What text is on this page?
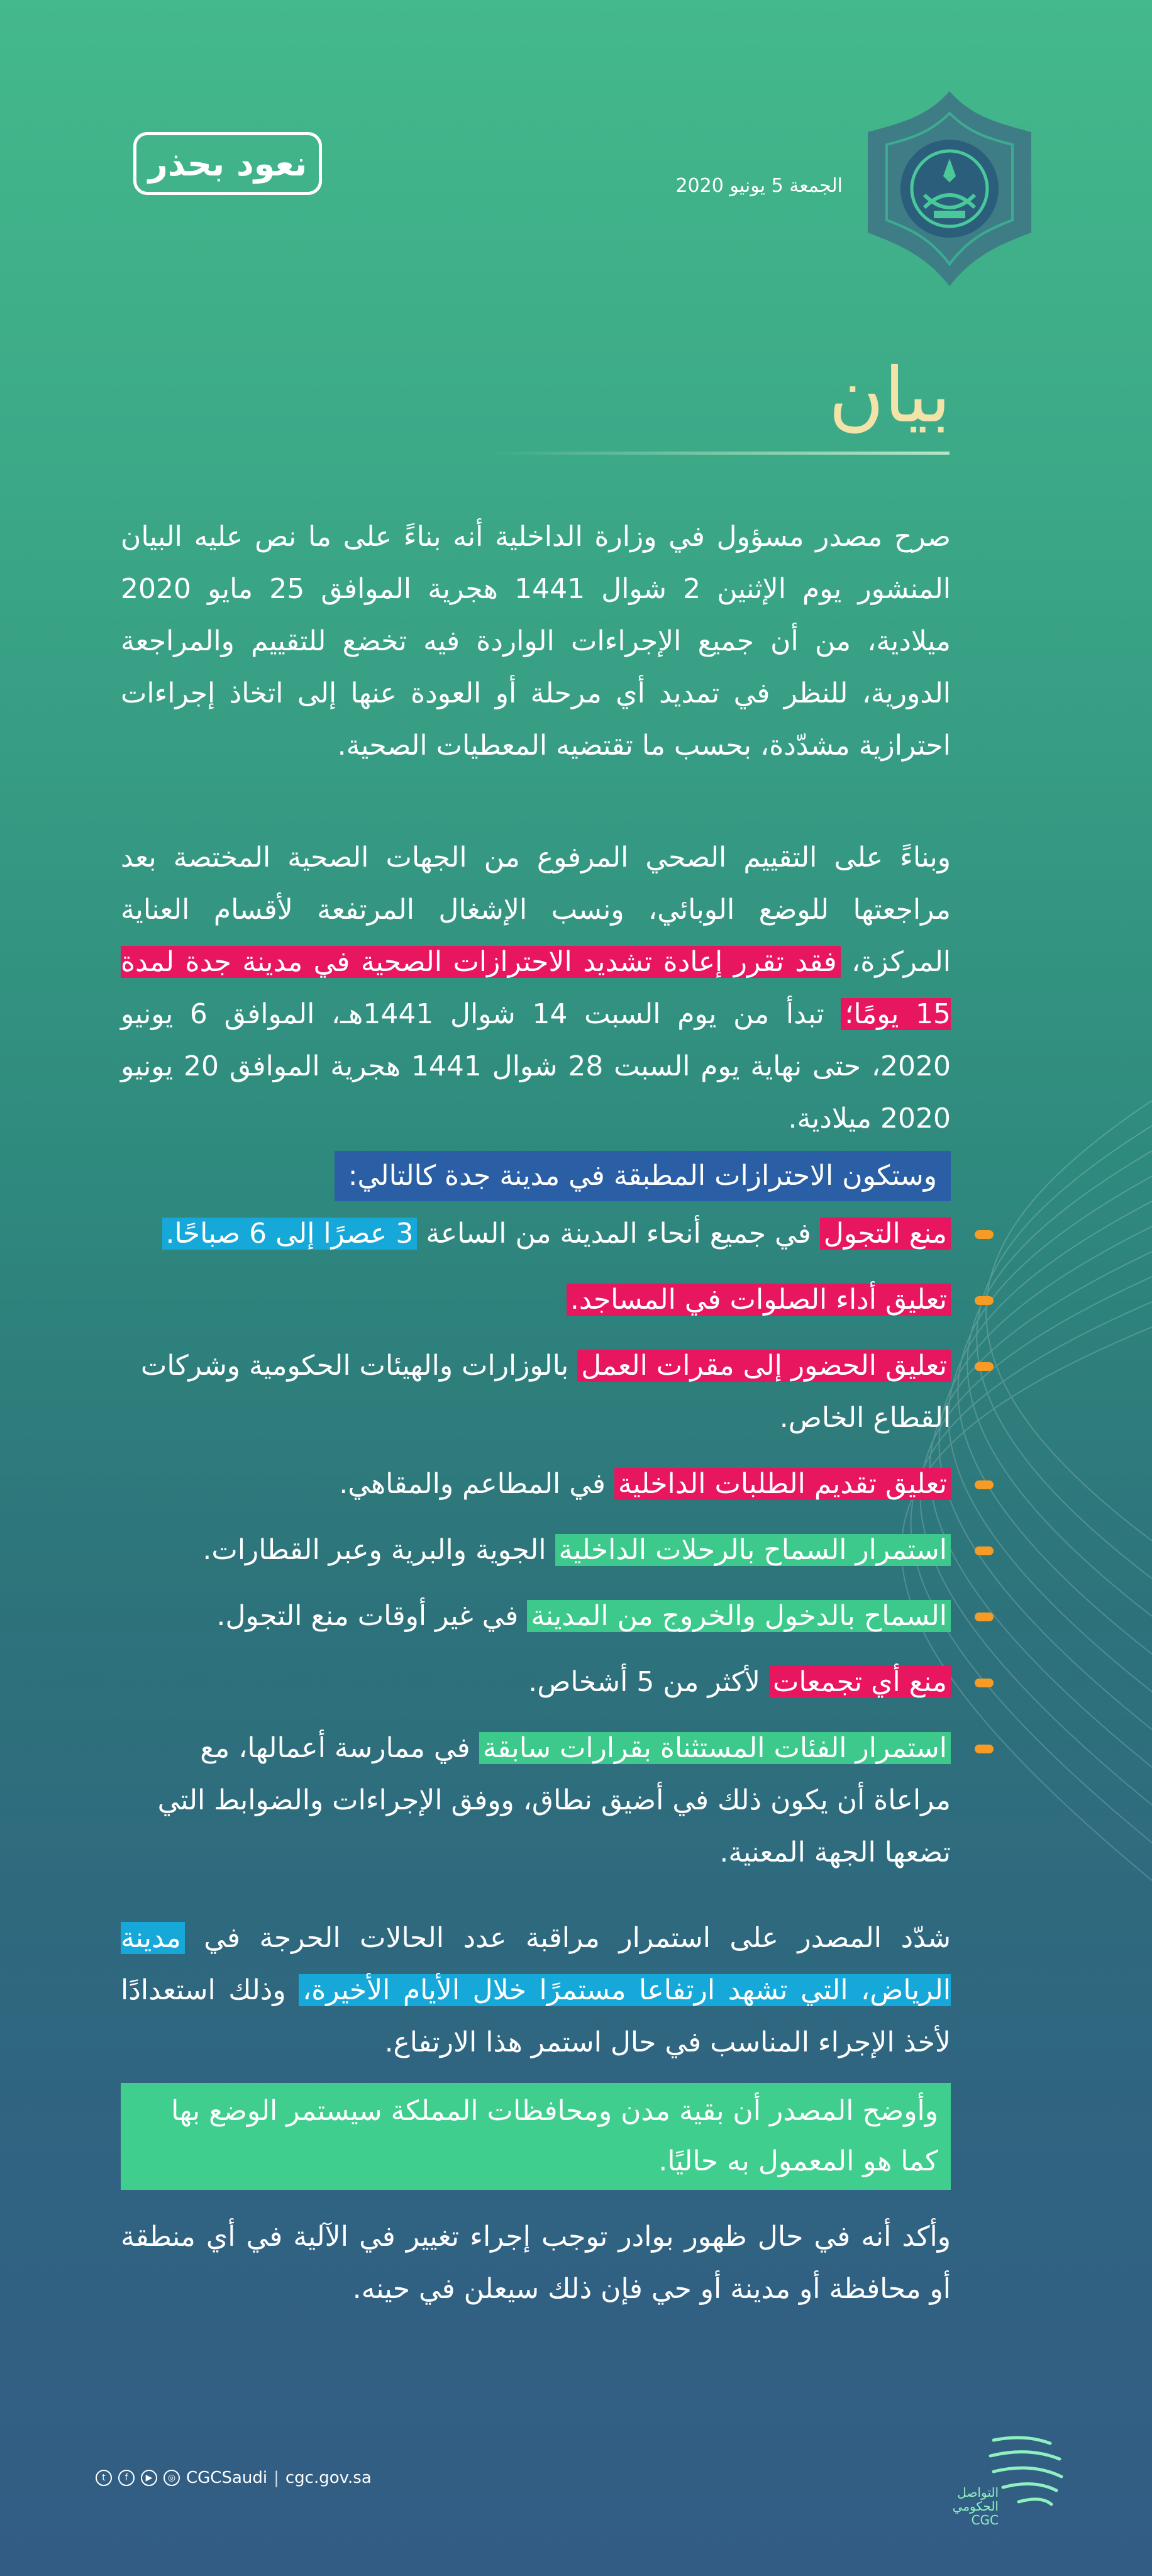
نعود بحذر
الجمعة 5 يونيو 2020
بيان
صرح مصدر مسؤول في وزارة الداخلية أنه بناءً على ما نص عليه البيان المنشور يوم الإثنين 2 شوال 1441 هجرية الموافق 25 مايو 2020 ميلادية، من أن جميع الإجراءات الواردة فيه تخضع للتقييم والمراجعة الدورية، للنظر في تمديد أي مرحلة أو العودة عنها إلى اتخاذ إجراءات احترازية مشدّدة، بحسب ما تقتضيه المعطيات الصحية.
وبناءً على التقييم الصحي المرفوع من الجهات الصحية المختصة بعد مراجعتها للوضع الوبائي، ونسب الإشغال المرتفعة لأقسام العناية المركزة، فقد تقرر إعادة تشديد الاحترازات الصحية في مدينة جدة لمدة 15 يومًا؛ تبدأ من يوم السبت 14 شوال 1441هـ، الموافق 6 يونيو 2020، حتى نهاية يوم السبت 28 شوال 1441 هجرية الموافق 20 يونيو 2020 ميلادية.
وستكون الاحترازات المطبقة في مدينة جدة كالتالي:
منع التجول في جميع أنحاء المدينة من الساعة 3 عصرًا إلى 6 صباحًا.
تعليق أداء الصلوات في المساجد.
تعليق الحضور إلى مقرات العمل بالوزارات والهيئات الحكومية وشركات القطاع الخاص.
تعليق تقديم الطلبات الداخلية في المطاعم والمقاهي.
استمرار السماح بالرحلات الداخلية الجوية والبرية وعبر القطارات.
السماح بالدخول والخروج من المدينة في غير أوقات منع التجول.
منع أي تجمعات لأكثر من 5 أشخاص.
استمرار الفئات المستثناة بقرارات سابقة في ممارسة أعمالها، مع مراعاة أن يكون ذلك في أضيق نطاق، ووفق الإجراءات والضوابط التي تضعها الجهة المعنية.
شدّد المصدر على استمرار مراقبة عدد الحالات الحرجة في مدينة الرياض، التي تشهد ارتفاعا مستمرًا خلال الأيام الأخيرة، وذلك استعدادًا لأخذ الإجراء المناسب في حال استمر هذا الارتفاع.
وأوضح المصدر أن بقية مدن ومحافظات المملكة سيستمر الوضع بها كما هو المعمول به حاليًا.
وأكد أنه في حال ظهور بوادر توجب إجراء تغيير في الآلية في أي منطقة أو محافظة أو مدينة أو حي فإن ذلك سيعلن في حينه.
t	f	▶	◎ CGCSaudi | cgc.gov.sa
التواصل
الحكومي
CGC
